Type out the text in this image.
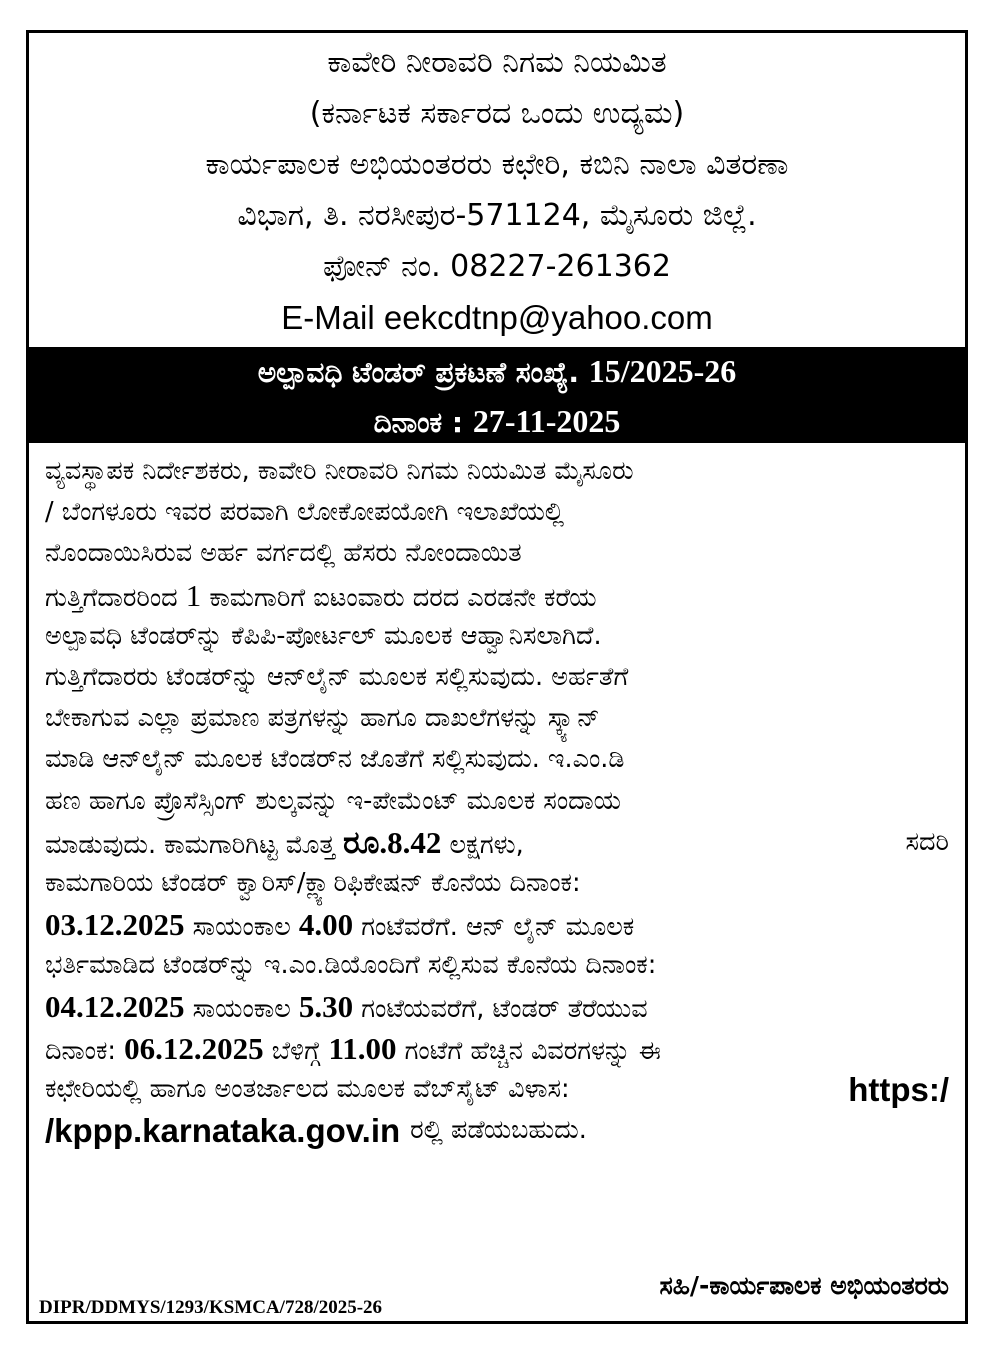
ಕಾವೇರಿ ನೀರಾವರಿ ನಿಗಮ ನಿಯಮಿತ
(ಕರ್ನಾಟಕ ಸರ್ಕಾರದ ಒಂದು ಉದ್ಯಮ)
ಕಾರ್ಯಪಾಲಕ ಅಭಿಯಂತರರು ಕಛೇರಿ, ಕಬಿನಿ ನಾಲಾ ವಿತರಣಾ
ವಿಭಾಗ, ತಿ. ನರಸೀಪುರ-571124, ಮೈಸೂರು ಜಿಲ್ಲೆ.
ಫೋನ್ ನಂ. 08227-261362
E-Mail eekcdtnp@yahoo.com
ಅಲ್ಪಾವಧಿ ಟೆಂಡರ್ ಪ್ರಕಟಣೆ ಸಂಖ್ಯೆ. 15/2025-26
ದಿನಾಂಕ : 27-11-2025
ವ್ಯವಸ್ಥಾಪಕ ನಿರ್ದೇಶಕರು, ಕಾವೇರಿ ನೀರಾವರಿ ನಿಗಮ ನಿಯಮಿತ ಮೈಸೂರು
/ ಬೆಂಗಳೂರು ಇವರ ಪರವಾಗಿ ಲೋಕೋಪಯೋಗಿ ಇಲಾಖೆಯಲ್ಲಿ
ನೊಂದಾಯಿಸಿರುವ ಅರ್ಹ ವರ್ಗದಲ್ಲಿ ಹೆಸರು ನೋಂದಾಯಿತ
ಗುತ್ತಿಗೆದಾರರಿಂದ 1 ಕಾಮಗಾರಿಗೆ ಐಟಂವಾರು ದರದ ಎರಡನೇ ಕರೆಯ
ಅಲ್ಪಾವಧಿ ಟೆಂಡರ್‌ನ್ನು ಕೆಪಿಪಿ-ಪೋರ್ಟಲ್ ಮೂಲಕ ಆಹ್ವಾನಿಸಲಾಗಿದೆ.
ಗುತ್ತಿಗೆದಾರರು ಟೆಂಡರ್‌ನ್ನು ಆನ್‌ಲೈನ್ ಮೂಲಕ ಸಲ್ಲಿಸುವುದು. ಅರ್ಹತೆಗೆ
ಬೇಕಾಗುವ ಎಲ್ಲಾ ಪ್ರಮಾಣ ಪತ್ರಗಳನ್ನು ಹಾಗೂ ದಾಖಲೆಗಳನ್ನು ಸ್ಕ್ಯಾನ್
ಮಾಡಿ ಆನ್‌ಲೈನ್ ಮೂಲಕ ಟೆಂಡರ್‌ನ ಜೊತೆಗೆ ಸಲ್ಲಿಸುವುದು. ಇ.ಎಂ.ಡಿ
ಹಣ ಹಾಗೂ ಪ್ರೊಸೆಸ್ಸಿಂಗ್ ಶುಲ್ಕವನ್ನು ಇ-ಪೇಮೆಂಟ್ ಮೂಲಕ ಸಂದಾಯ
ಮಾಡುವುದು. ಕಾಮಗಾರಿಗಿಟ್ಟ ಮೊತ್ತ ರೂ.8.42 ಲಕ್ಷಗಳು,	ಸದರಿ
ಕಾಮಗಾರಿಯ ಟೆಂಡರ್ ಕ್ವಾರಿಸ್/ಕ್ಲ್ಯಾರಿಫಿಕೇಷನ್ ಕೊನೆಯ ದಿನಾಂಕ:
03.12.2025 ಸಾಯಂಕಾಲ 4.00 ಗಂಟೆವರೆಗೆ. ಆನ್ ಲೈನ್ ಮೂಲಕ
ಭರ್ತಿಮಾಡಿದ ಟೆಂಡರ್‌ನ್ನು ಇ.ಎಂ.ಡಿಯೊಂದಿಗೆ ಸಲ್ಲಿಸುವ ಕೊನೆಯ ದಿನಾಂಕ:
04.12.2025 ಸಾಯಂಕಾಲ 5.30 ಗಂಟೆಯವರೆಗೆ, ಟೆಂಡರ್ ತೆರೆಯುವ
ದಿನಾಂಕ: 06.12.2025 ಬೆಳಿಗ್ಗೆ 11.00 ಗಂಟೆಗೆ ಹೆಚ್ಚಿನ ವಿವರಗಳನ್ನು ಈ
ಕಛೇರಿಯಲ್ಲಿ ಹಾಗೂ ಅಂತರ್ಜಾಲದ ಮೂಲಕ ವೆಬ್‌ಸೈಟ್ ವಿಳಾಸ:	https:/
/kppp.karnataka.gov.in ರಲ್ಲಿ ಪಡೆಯಬಹುದು.
ಸಹಿ/-ಕಾರ್ಯಪಾಲಕ ಅಭಿಯಂತರರು
DIPR/DDMYS/1293/KSMCA/728/2025-26
